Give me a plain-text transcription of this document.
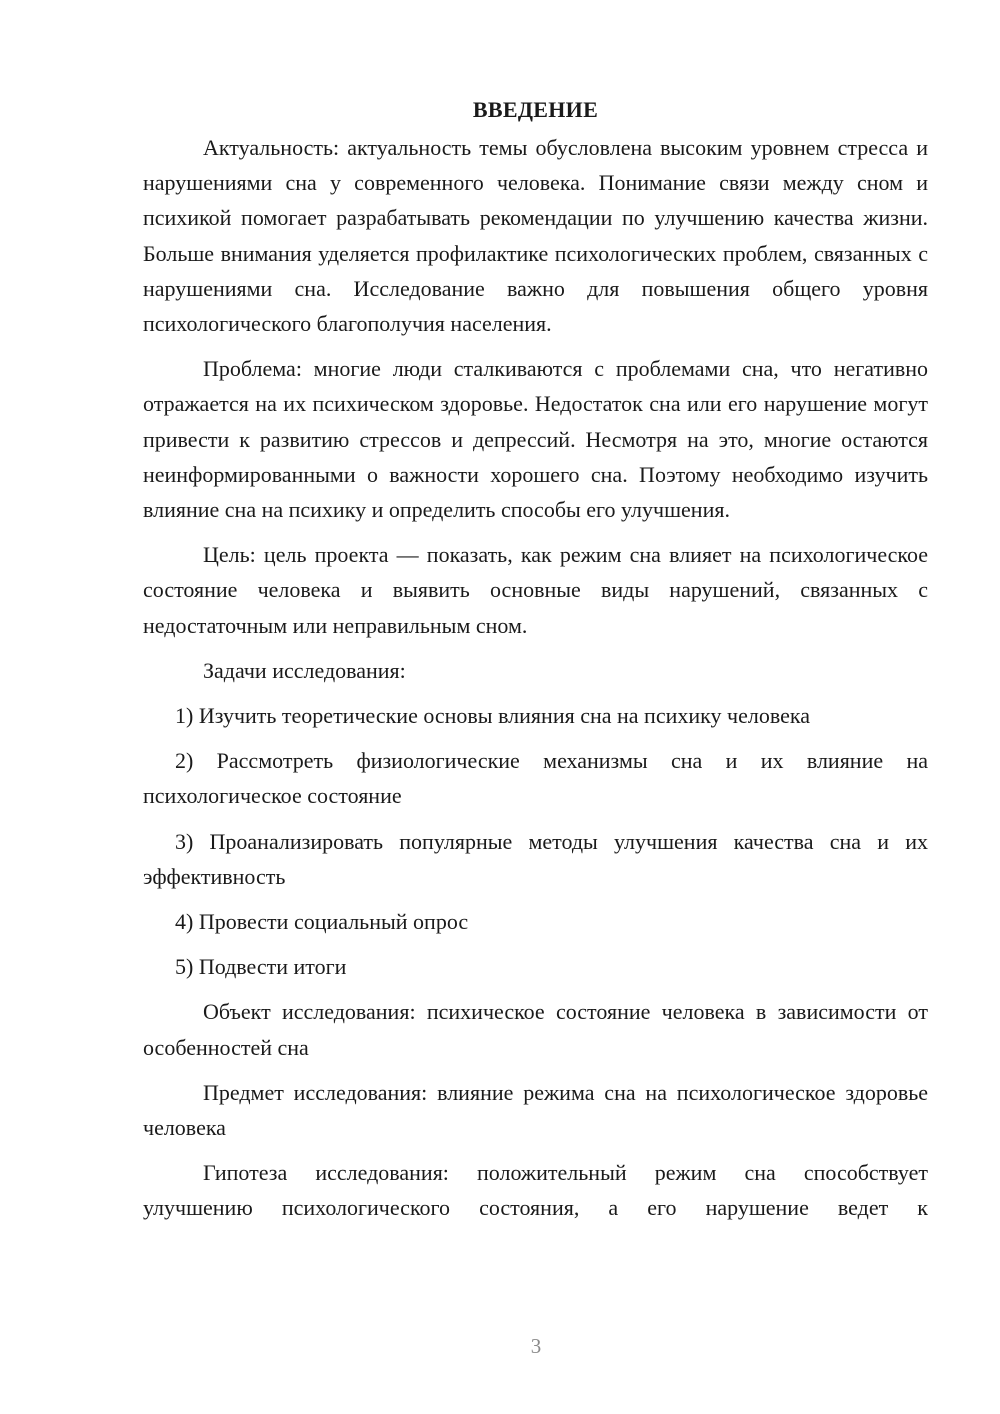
ВВЕДЕНИЕ

Актуальность: актуальность темы обусловлена высоким уровнем стресса и нарушениями сна у современного человека. Понимание связи между сном и психикой помогает разрабатывать рекомендации по улучшению качества жизни. Больше внимания уделяется профилактике психологических проблем, связанных с нарушениями сна. Исследование важно для повышения общего уровня психологического благополучия населения.

Проблема: многие люди сталкиваются с проблемами сна, что негативно отражается на их психическом здоровье. Недостаток сна или его нарушение могут привести к развитию стрессов и депрессий. Несмотря на это, многие остаются неинформированными о важности хорошего сна. Поэтому необходимо изучить влияние сна на психику и определить способы его улучшения.

Цель: цель проекта — показать, как режим сна влияет на психологическое состояние человека и выявить основные виды нарушений, связанных с недостаточным или неправильным сном.

Задачи исследования:

1) Изучить теоретические основы влияния сна на психику человека

2) Рассмотреть физиологические механизмы сна и их влияние на психологическое состояние

3) Проанализировать популярные методы улучшения качества сна и их эффективность

4) Провести социальный опрос

5) Подвести итоги

Объект исследования: психическое состояние человека в зависимости от особенностей сна

Предмет исследования: влияние режима сна на психологическое здоровье человека

Гипотеза исследования: положительный режим сна способствует улучшению психологического состояния, а его нарушение ведет к

3
